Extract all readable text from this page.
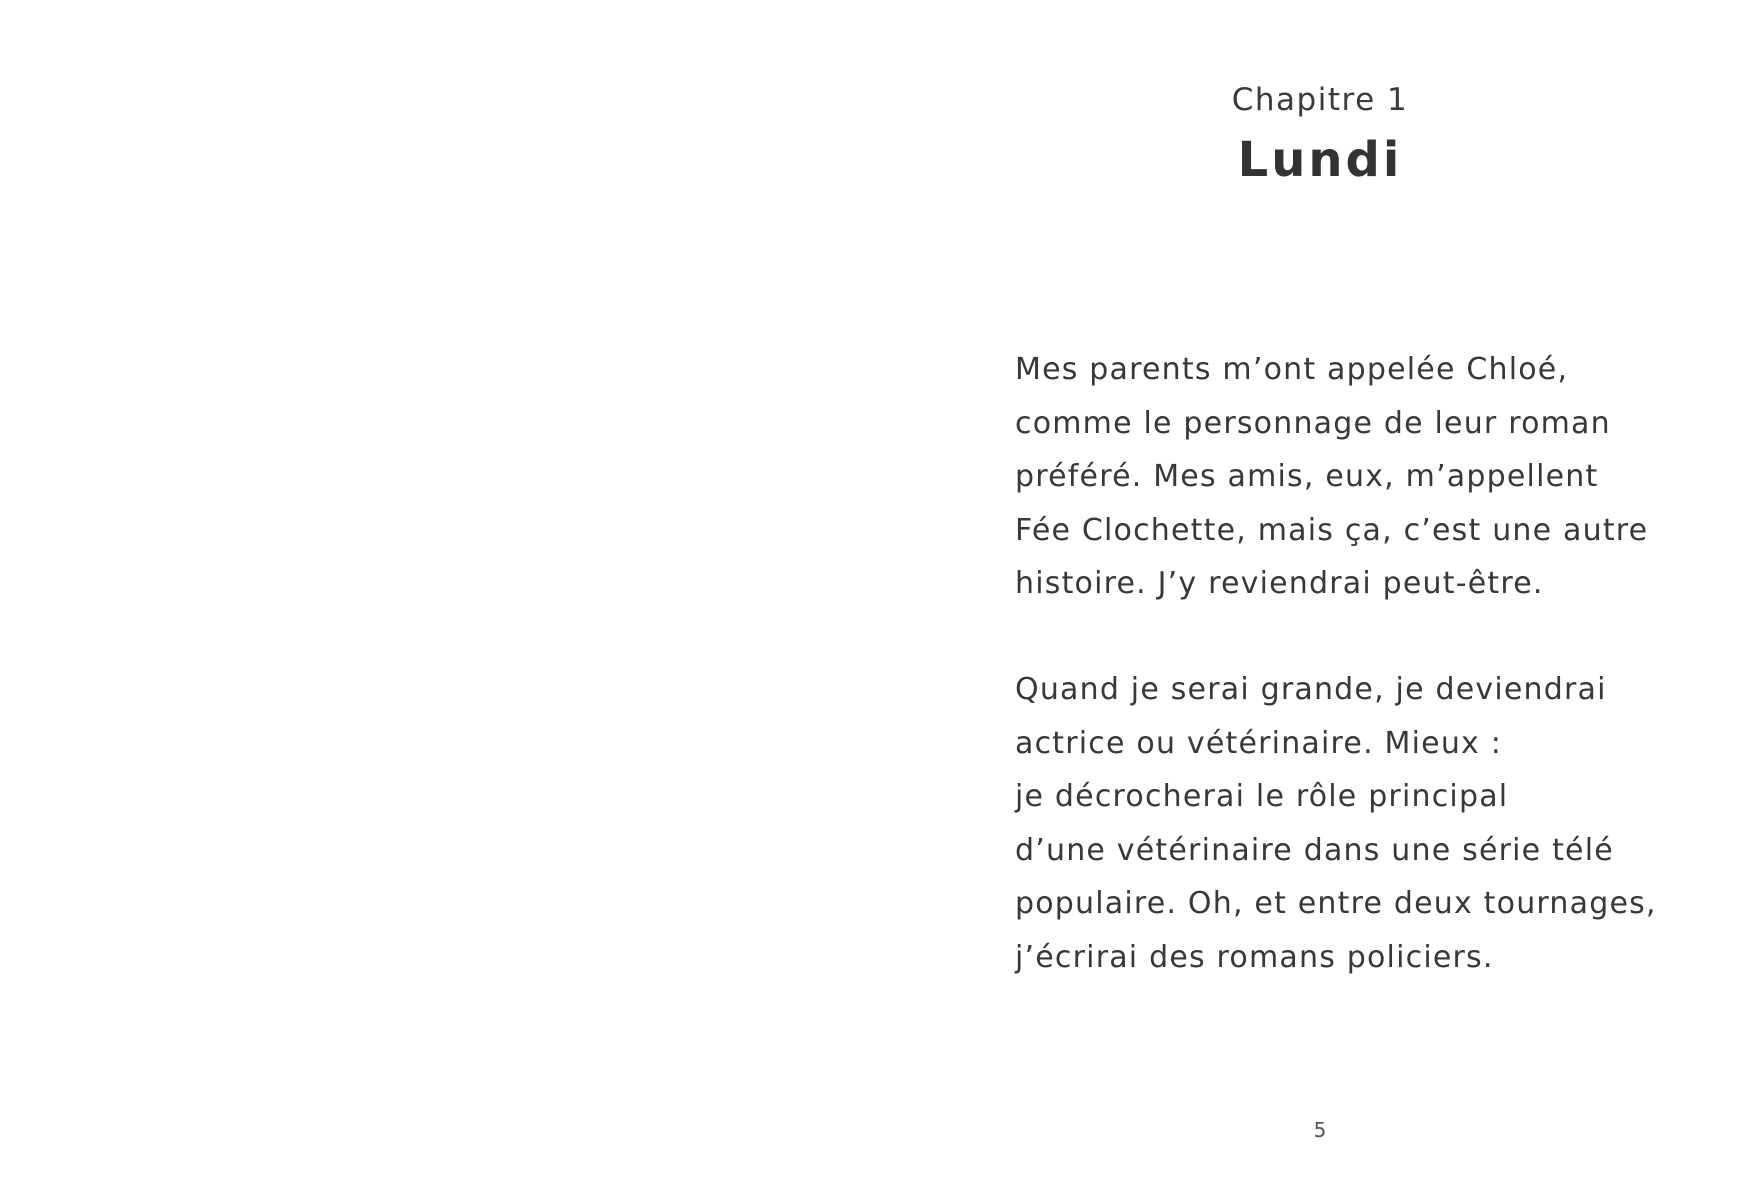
Chapitre 1
Lundi

Mes parents m’ont appelée Chloé,
comme le personnage de leur roman
préféré. Mes amis, eux, m’appellent
Fée Clochette, mais ça, c’est une autre
histoire. J’y reviendrai peut-être.

Quand je serai grande, je deviendrai
actrice ou vétérinaire. Mieux :
je décrocherai le rôle principal
d’une vétérinaire dans une série télé
populaire. Oh, et entre deux tournages,
j’écrirai des romans policiers.

5
